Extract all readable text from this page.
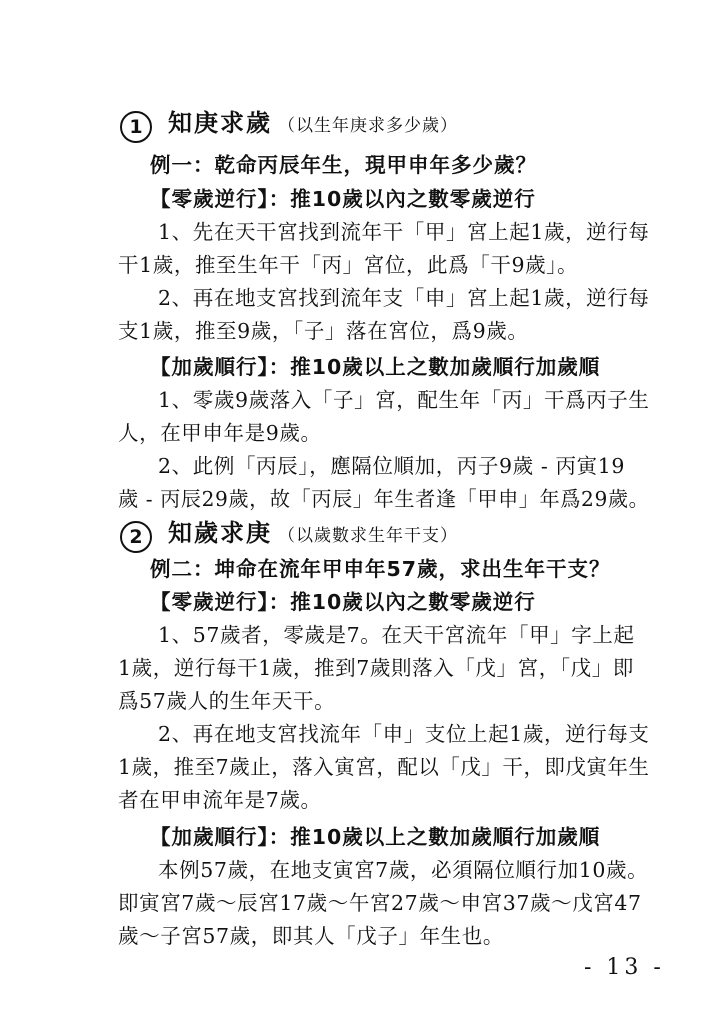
1	知庚求歲 （以生年庚求多少歲）
例一：乾命丙辰年生，現甲申年多少歲？
【零歲逆行】：推10歲以內之數零歲逆行
1、先在天干宮找到流年干「甲」宮上起1歲，逆行每
干1歲，推至生年干「丙」宮位，此爲「干9歲」。
2、再在地支宮找到流年支「申」宮上起1歲，逆行每
支1歲，推至9歲，「子」落在宮位，爲9歲。
【加歲順行】：推10歲以上之數加歲順行加歲順
1、零歲9歲落入「子」宮，配生年「丙」干爲丙子生
人，在甲申年是9歲。
2、此例「丙辰」，應隔位順加，丙子9歲 - 丙寅19
歲 - 丙辰29歲，故「丙辰」年生者逢「甲申」年爲29歲。
2	知歲求庚 （以歲數求生年干支）
例二：坤命在流年甲申年57歲，求出生年干支？
【零歲逆行】：推10歲以內之數零歲逆行
1、57歲者，零歲是7。在天干宮流年「甲」字上起
1歲，逆行每干1歲，推到7歲則落入「戊」宮，「戊」即
爲57歲人的生年天干。
2、再在地支宮找流年「申」支位上起1歲，逆行每支
1歲，推至7歲止，落入寅宮，配以「戊」干，即戊寅年生
者在甲申流年是7歲。
【加歲順行】：推10歲以上之數加歲順行加歲順
本例57歲，在地支寅宮7歲，必須隔位順行加10歲。
即寅宮7歲～辰宮17歲～午宮27歲～申宮37歲～戊宮47
歲～子宮57歲，即其人「戊子」年生也。
- 13 -
